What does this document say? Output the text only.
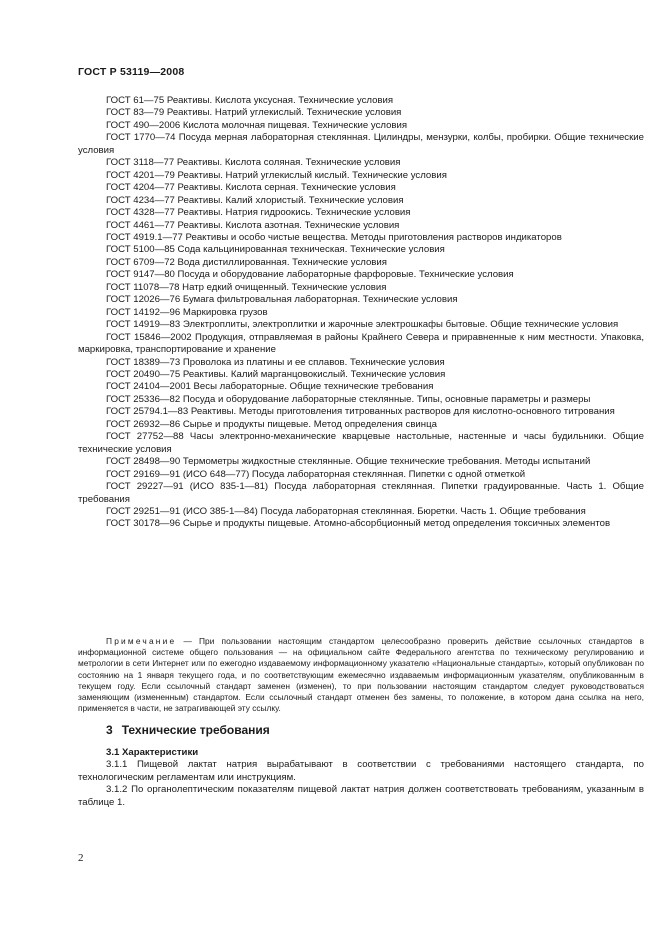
ГОСТ Р 53119—2008

ГОСТ 61—75 Реактивы. Кислота уксусная. Технические условия

ГОСТ 83—79 Реактивы. Натрий углекислый. Технические условия

ГОСТ 490—2006 Кислота молочная пищевая. Технические условия

ГОСТ 1770—74 Посуда мерная лабораторная стеклянная. Цилиндры, мензурки, колбы, пробирки. Общие технические условия

ГОСТ 3118—77 Реактивы. Кислота соляная. Технические условия

ГОСТ 4201—79 Реактивы. Натрий углекислый кислый. Технические условия

ГОСТ 4204—77 Реактивы. Кислота серная. Технические условия

ГОСТ 4234—77 Реактивы. Калий хлористый. Технические условия

ГОСТ 4328—77 Реактивы. Натрия гидроокись. Технические условия

ГОСТ 4461—77 Реактивы. Кислота азотная. Технические условия

ГОСТ 4919.1—77 Реактивы и особо чистые вещества. Методы приготовления растворов индикаторов

ГОСТ 5100—85 Сода кальцинированная техническая. Технические условия

ГОСТ 6709—72 Вода дистиллированная. Технические условия

ГОСТ 9147—80 Посуда и оборудование лабораторные фарфоровые. Технические условия

ГОСТ 11078—78 Натр едкий очищенный. Технические условия

ГОСТ 12026—76 Бумага фильтровальная лабораторная. Технические условия

ГОСТ 14192—96 Маркировка грузов

ГОСТ 14919—83 Электроплиты, электроплитки и жарочные электрошкафы бытовые. Общие технические условия

ГОСТ 15846—2002 Продукция, отправляемая в районы Крайнего Севера и приравненные к ним местности. Упаковка, маркировка, транспортирование и хранение

ГОСТ 18389—73 Проволока из платины и ее сплавов. Технические условия

ГОСТ 20490—75 Реактивы. Калий марганцовокислый. Технические условия

ГОСТ 24104—2001 Весы лабораторные. Общие технические требования

ГОСТ 25336—82 Посуда и оборудование лабораторные стеклянные. Типы, основные параметры и размеры

ГОСТ 25794.1—83 Реактивы. Методы приготовления титрованных растворов для кислотно-основного титрования

ГОСТ 26932—86 Сырье и продукты пищевые. Метод определения свинца

ГОСТ 27752—88 Часы электронно-механические кварцевые настольные, настенные и часы будильники. Общие технические условия

ГОСТ 28498—90 Термометры жидкостные стеклянные. Общие технические требования. Методы испытаний

ГОСТ 29169—91 (ИСО 648—77) Посуда лабораторная стеклянная. Пипетки с одной отметкой

ГОСТ 29227—91 (ИСО 835-1—81) Посуда лабораторная стеклянная. Пипетки градуированные. Часть 1. Общие требования

ГОСТ 29251—91 (ИСО 385-1—84) Посуда лабораторная стеклянная. Бюретки. Часть 1. Общие требования

ГОСТ 30178—96 Сырье и продукты пищевые. Атомно-абсорбционный метод определения токсичных элементов

Примечание — При пользовании настоящим стандартом целесообразно проверить действие ссылочных стандартов в информационной системе общего пользования — на официальном сайте Федерального агентства по техническому регулированию и метрологии в сети Интернет или по ежегодно издаваемому информационному указателю «Национальные стандарты», который опубликован по состоянию на 1 января текущего года, и по соответствующим ежемесячно издаваемым информационным указателям, опубликованным в текущем году. Если ссылочный стандарт заменен (изменен), то при пользовании настоящим стандартом следует руководствоваться заменяющим (измененным) стандартом. Если ссылочный стандарт отменен без замены, то положение, в котором дана ссылка на него, применяется в части, не затрагивающей эту ссылку.

3 Технические требования

3.1 Характеристики

3.1.1 Пищевой лактат натрия вырабатывают в соответствии с требованиями настоящего стандарта, по технологическим регламентам или инструкциям.

3.1.2 По органолептическим показателям пищевой лактат натрия должен соответствовать требованиям, указанным в таблице 1.

2
